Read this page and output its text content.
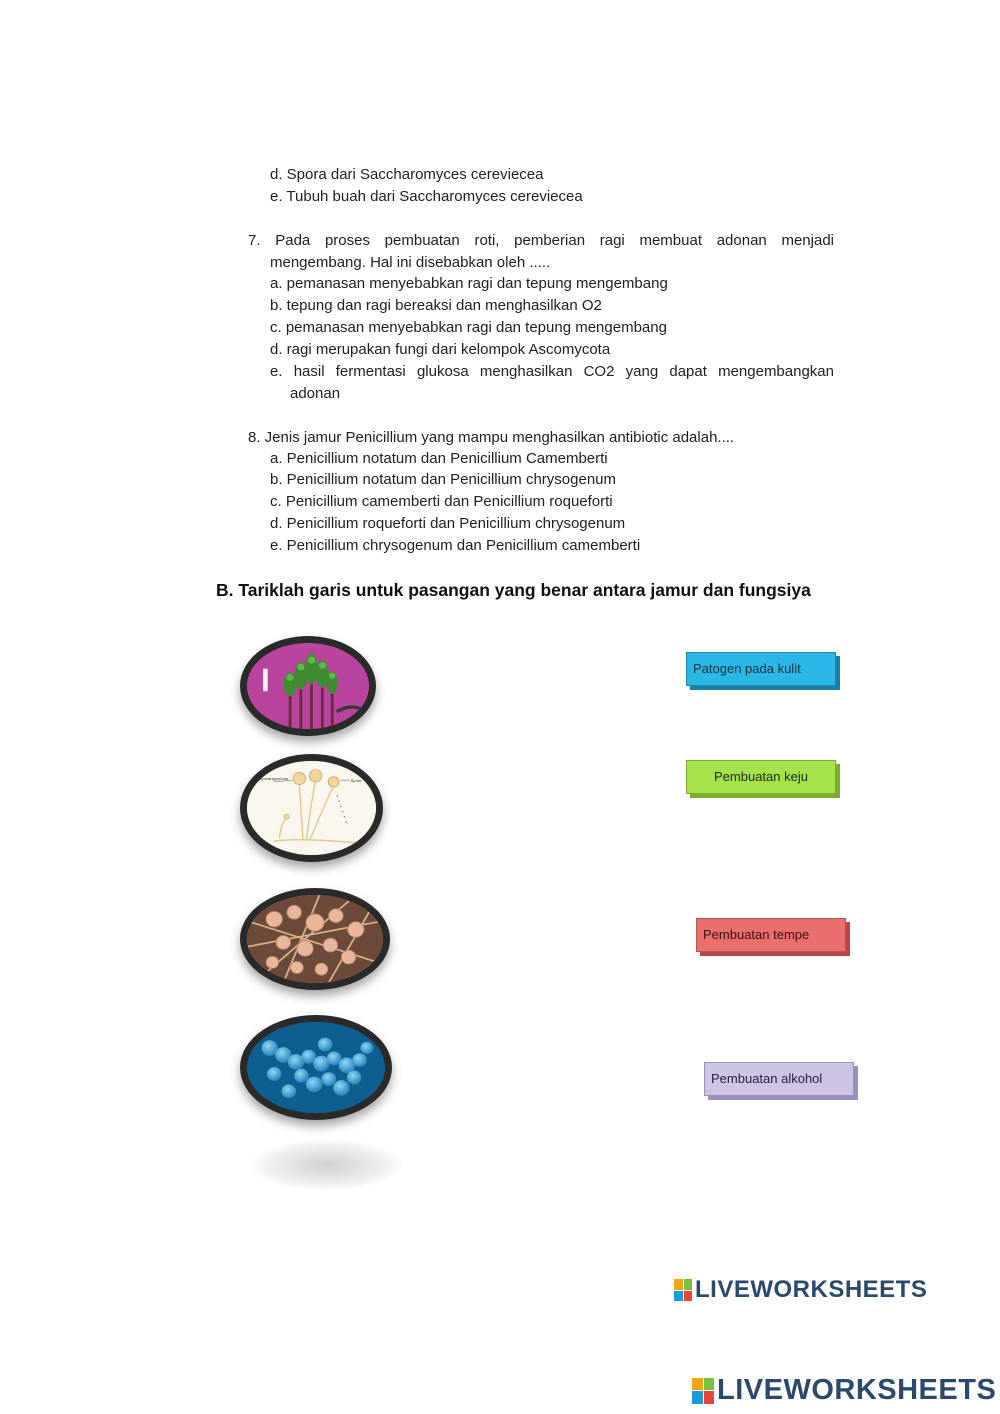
d. Spora dari Saccharomyces cereviecea
e. Tubuh buah dari Saccharomyces cereviecea
7. Pada proses pembuatan roti, pemberian ragi membuat adonan menjadi
mengembang. Hal ini disebabkan oleh .....
a. pemanasan menyebabkan ragi dan tepung mengembang
b. tepung dan ragi bereaksi dan menghasilkan O2
c. pemanasan menyebabkan ragi dan tepung mengembang
d. ragi merupakan fungi dari kelompok Ascomycota
e. hasil fermentasi glukosa menghasilkan CO2 yang dapat mengembangkan
adonan
8. Jenis jamur Penicillium yang mampu menghasilkan antibiotic adalah....
a. Penicillium notatum dan Penicillium Camemberti
b. Penicillium notatum dan Penicillium chrysogenum
c. Penicillium camemberti dan Penicillium roqueforti
d. Penicillium roqueforti dan Penicillium chrysogenum
e. Penicillium chrysogenum dan Penicillium camemberti
B. Tariklah garis untuk pasangan yang benar antara jamur dan fungsiya
Sporangiophore	Spore
Patogen pada kulit
Pembuatan keju
Pembuatan tempe
Pembuatan alkohol
LIVEWORKSHEETS
LIVEWORKSHEETS
